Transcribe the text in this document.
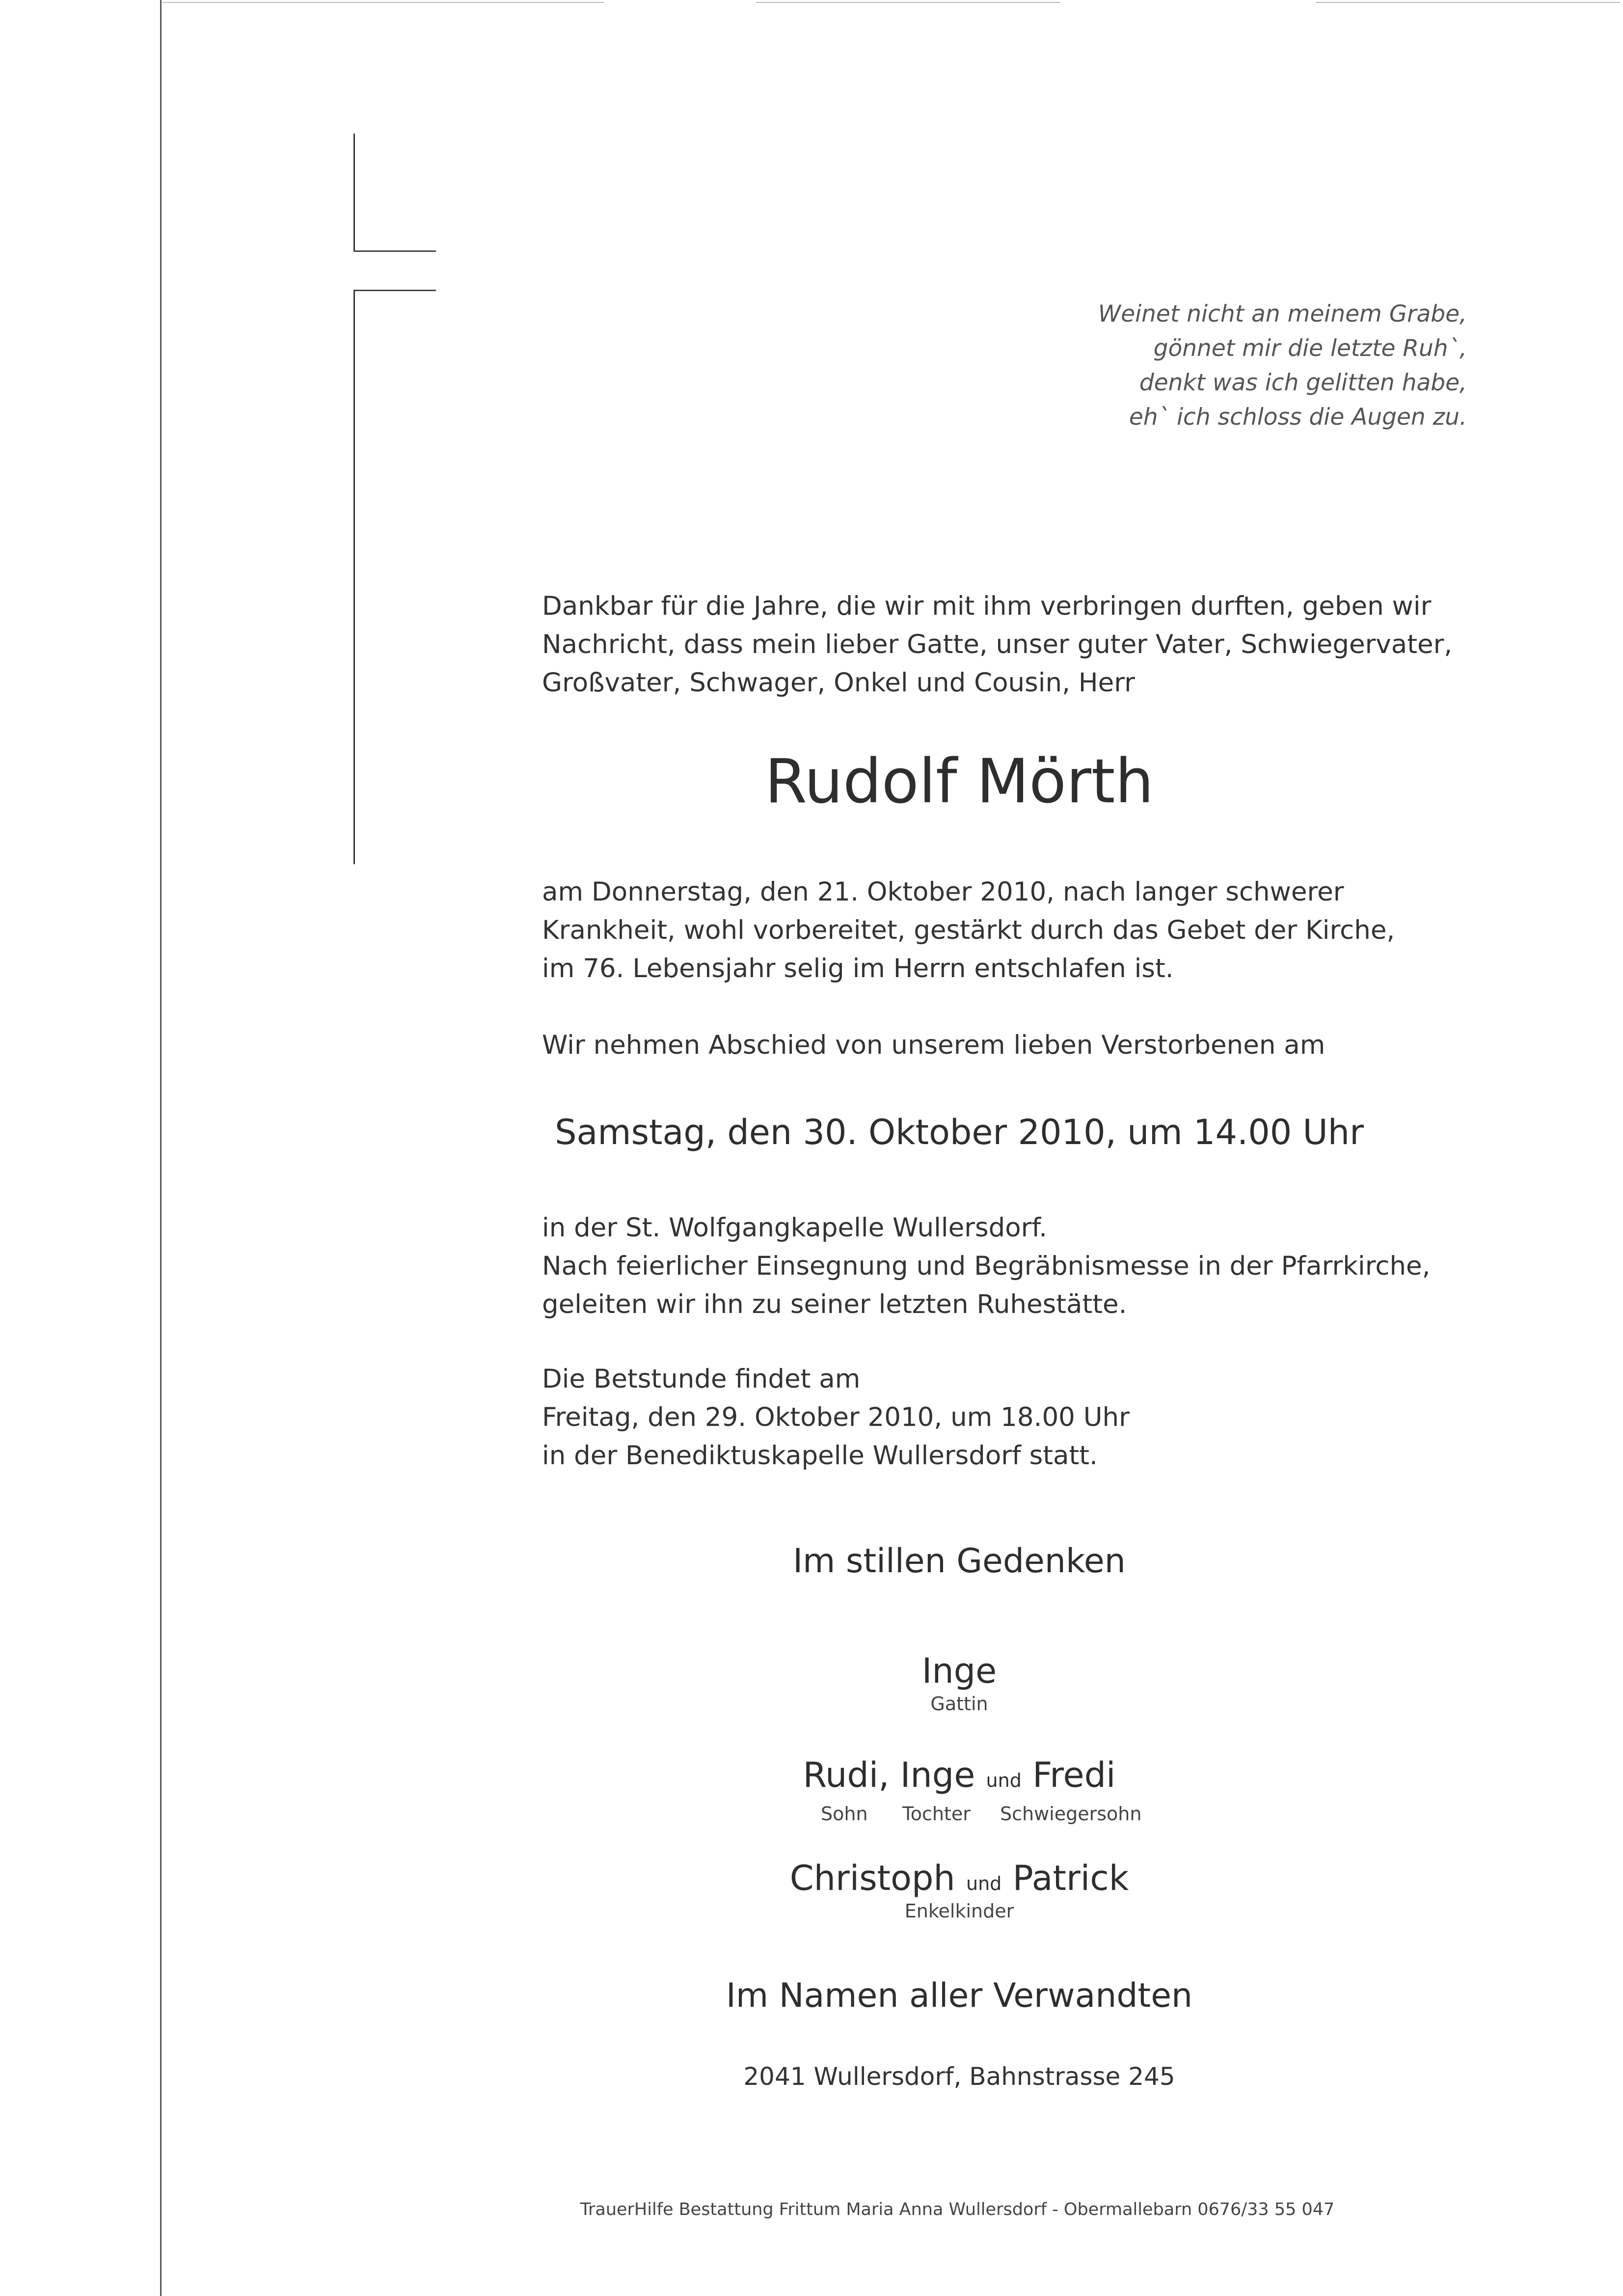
Weinet nicht an meinem Grabe,
gönnet mir die letzte Ruh`,
denkt was ich gelitten habe,
eh` ich schloss die Augen zu.
Dankbar für die Jahre, die wir mit ihm verbringen durften, geben wir
Nachricht, dass mein lieber Gatte, unser guter Vater, Schwiegervater,
Großvater, Schwager, Onkel und Cousin, Herr
Rudolf Mörth
am Donnerstag, den 21. Oktober 2010, nach langer schwerer
Krankheit, wohl vorbereitet, gestärkt durch das Gebet der Kirche,
im 76. Lebensjahr selig im Herrn entschlafen ist.
Wir nehmen Abschied von unserem lieben Verstorbenen am
Samstag, den 30. Oktober 2010, um 14.00 Uhr
in der St. Wolfgangkapelle Wullersdorf.
Nach feierlicher Einsegnung und Begräbnismesse in der Pfarrkirche,
geleiten wir ihn zu seiner letzten Ruhestätte.
Die Betstunde findet am
Freitag, den 29. Oktober 2010, um 18.00 Uhr
in der Benediktuskapelle Wullersdorf statt.
Im stillen Gedenken
Inge
Gattin
Rudi, Inge und Fredi
Sohn Tochter Schwiegersohn
Christoph und Patrick
Enkelkinder
Im Namen aller Verwandten
2041 Wullersdorf, Bahnstrasse 245
TrauerHilfe Bestattung Frittum Maria Anna Wullersdorf - Obermallebarn 0676/33 55 047
